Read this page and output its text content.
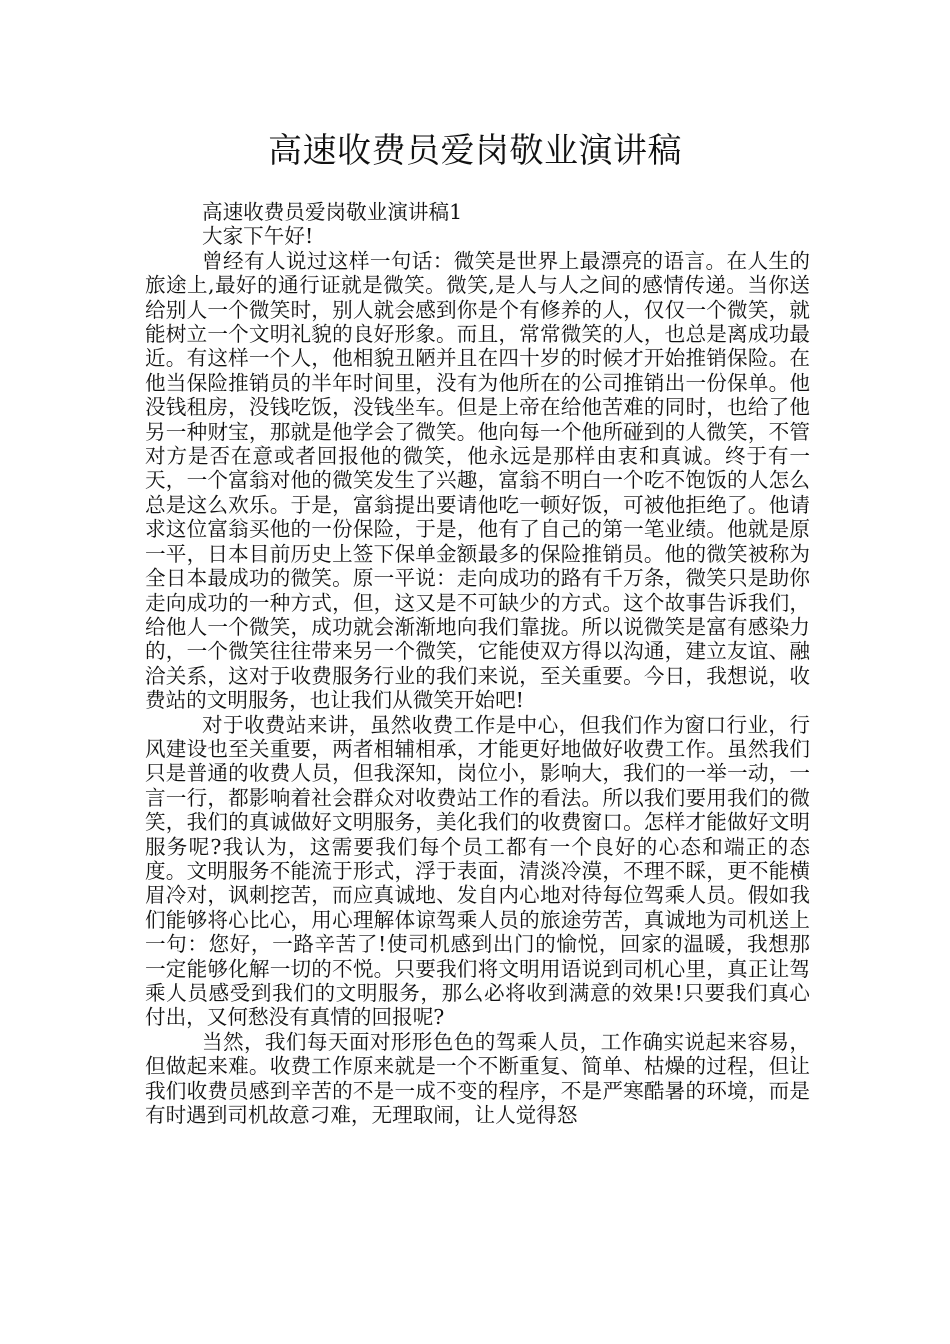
高速收费员爱岗敬业演讲稿

高速收费员爱岗敬业演讲稿1

大家下午好!

曾经有人说过这样一句话：微笑是世界上最漂亮的语言。在人生的旅途上,最好的通行证就是微笑。微笑,是人与人之间的感情传递。当你送给别人一个微笑时，别人就会感到你是个有修养的人，仅仅一个微笑，就能树立一个文明礼貌的良好形象。而且，常常微笑的人，也总是离成功最近。有这样一个人，他相貌丑陋并且在四十岁的时候才开始推销保险。在他当保险推销员的半年时间里，没有为他所在的公司推销出一份保单。他没钱租房，没钱吃饭，没钱坐车。但是上帝在给他苦难的同时，也给了他另一种财宝，那就是他学会了微笑。他向每一个他所碰到的人微笑，不管对方是否在意或者回报他的微笑，他永远是那样由衷和真诚。终于有一天，一个富翁对他的微笑发生了兴趣，富翁不明白一个吃不饱饭的人怎么总是这么欢乐。于是，富翁提出要请他吃一顿好饭，可被他拒绝了。他请求这位富翁买他的一份保险，于是，他有了自己的第一笔业绩。他就是原一平，日本目前历史上签下保单金额最多的保险推销员。他的微笑被称为全日本最成功的微笑。原一平说：走向成功的路有千万条，微笑只是助你走向成功的一种方式，但，这又是不可缺少的方式。这个故事告诉我们，给他人一个微笑，成功就会渐渐地向我们靠拢。所以说微笑是富有感染力的，一个微笑往往带来另一个微笑，它能使双方得以沟通，建立友谊、融洽关系，这对于收费服务行业的我们来说，至关重要。今日，我想说，收费站的文明服务，也让我们从微笑开始吧!

对于收费站来讲，虽然收费工作是中心，但我们作为窗口行业，行风建设也至关重要，两者相辅相承，才能更好地做好收费工作。虽然我们只是普通的收费人员，但我深知，岗位小，影响大，我们的一举一动，一言一行，都影响着社会群众对收费站工作的看法。所以我们要用我们的微笑，我们的真诚做好文明服务，美化我们的收费窗口。怎样才能做好文明服务呢?我认为，这需要我们每个员工都有一个良好的心态和端正的态度。文明服务不能流于形式，浮于表面，清淡冷漠，不理不睬，更不能横眉冷对，讽刺挖苦，而应真诚地、发自内心地对待每位驾乘人员。假如我们能够将心比心，用心理解体谅驾乘人员的旅途劳苦，真诚地为司机送上一句：您好，一路辛苦了!使司机感到出门的愉悦，回家的温暖，我想那一定能够化解一切的不悦。只要我们将文明用语说到司机心里，真正让驾乘人员感受到我们的文明服务，那么必将收到满意的效果!只要我们真心付出，又何愁没有真情的回报呢?

当然，我们每天面对形形色色的驾乘人员，工作确实说起来容易，但做起来难。收费工作原来就是一个不断重复、简单、枯燥的过程，但让我们收费员感到辛苦的不是一成不变的程序，不是严寒酷暑的环境，而是有时遇到司机故意刁难，无理取闹，让人觉得怒
